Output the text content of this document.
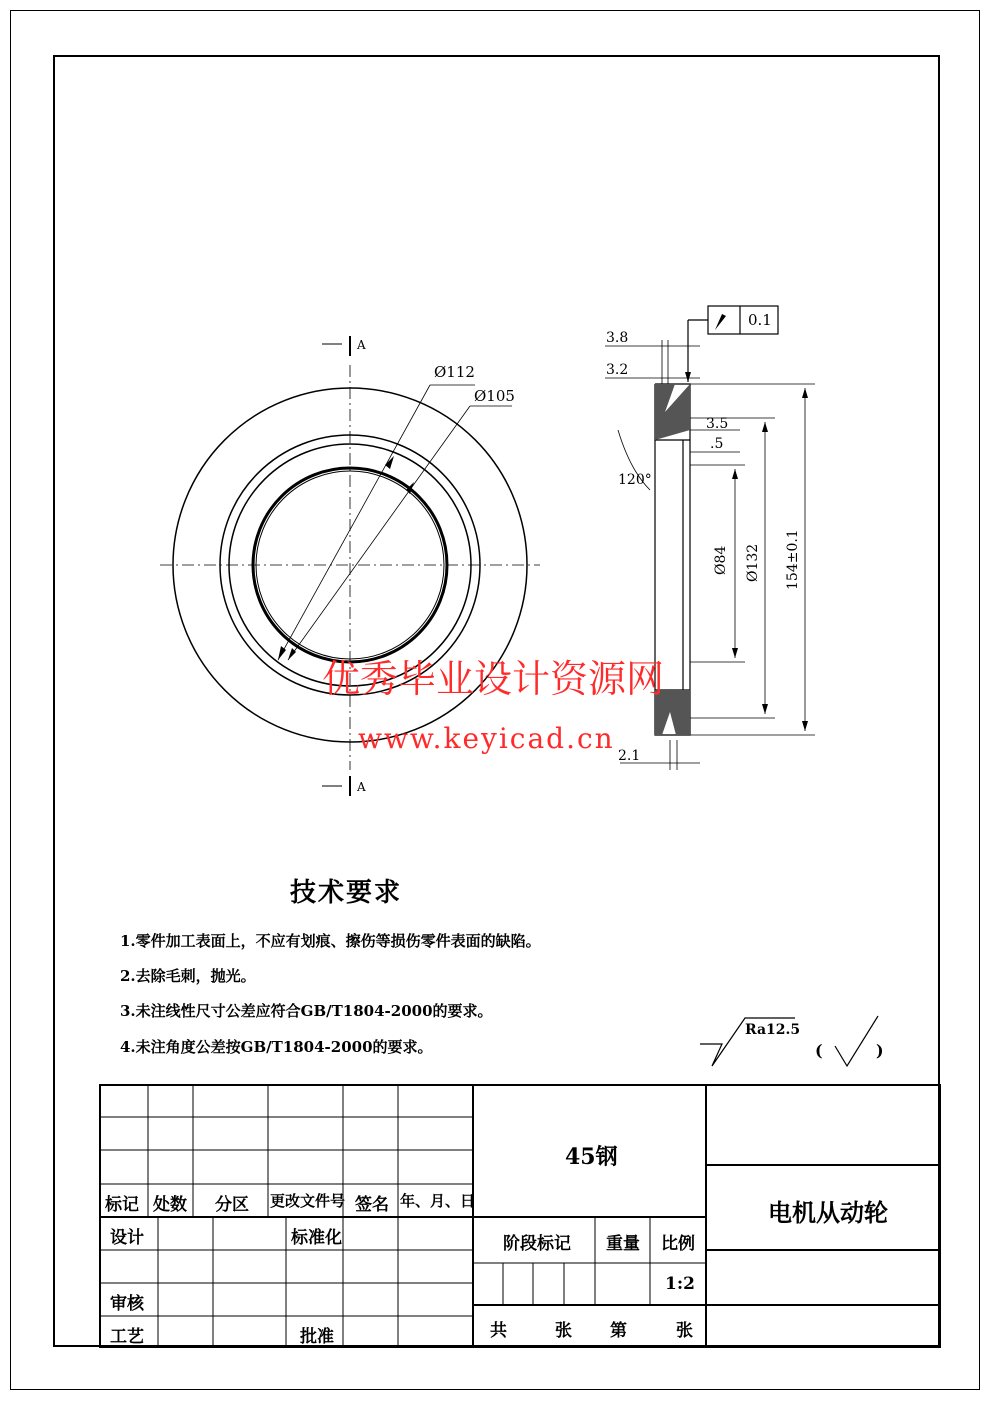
A
A
Ø112
Ø105
3.8
3.2
0.1
3.5
.5
120°
2.1
Ø84 Ø132 154±0.1
优秀毕业设计资源网
www.keyicad.cn
技术要求
1.零件加工表面上，不应有划痕、擦伤等损伤零件表面的缺陷。
2.去除毛刺，抛光。
3.未注线性尺寸公差应符合GB/T1804-2000的要求。
4.未注角度公差按GB/T1804-2000的要求。
Ra12.5
(	)
标记 处数 分区 更改文件号 签名 年、月、日
设计	标准化
审核
工艺	批准
45钢
电机从动轮
阶段标记 重量 比例
1:2
共	张 第	张
